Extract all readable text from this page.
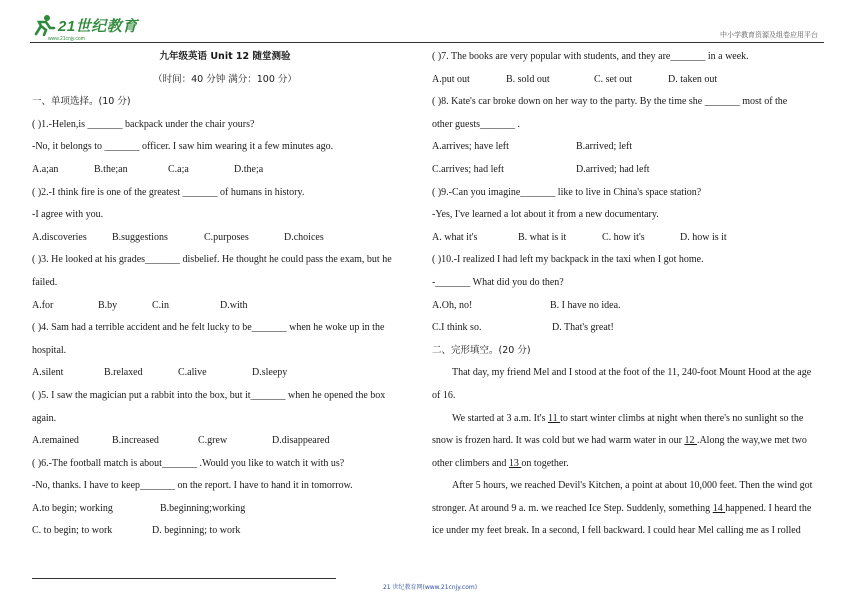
21世纪教育
www.21cnjy.com	中小学教育资源及组卷应用平台
九年级英语 Unit 12 随堂测验
（时间：40 分钟 满分：100 分）
一、单项选择。(10 分)
( )1.-Helen,is _______ backpack under the chair yours?
-No, it belongs to _______ officer. I saw him wearing it a few minutes ago.
A.a;an	B.the;an	C.a;a	D.the;a
( )2.-I think fire is one of the greatest _______ of humans in history.
-I agree with you.
A.discoveries	B.suggestions	C.purposes	D.choices
( )3. He looked at his grades_______ disbelief. He thought he could pass the exam, but he
failed.
A.for	B.by	C.in	D.with
( )4. Sam had a terrible accident and he felt lucky to be_______ when he woke up in the
hospital.
A.silent	B.relaxed	C.alive	D.sleepy
( )5. I saw the magician put a rabbit into the box, but it_______ when he opened the box
again.
A.remained	B.increased	C.grew	D.disappeared
( )6.-The football match is about_______ .Would you like to watch it with us?
-No, thanks. I have to keep_______ on the report. I have to hand it in tomorrow.
A.to begin; working	B.beginning;working
C. to begin; to work	D. beginning; to work
( )7. The books are very popular with students, and they are_______ in a week.
A.put out	B. sold out	C. set out	D. taken out
( )8. Kate's car broke down on her way to the party. By the time she _______ most of the
other guests_______ .
A.arrives; have left	B.arrived; left
C.arrives; had left	D.arrived; had left
( )9.-Can you imagine_______ like to live in China's space station?
-Yes, I've learned a lot about it from a new documentary.
A. what it's	B. what is it	C. how it's	D. how is it
( )10.-I realized I had left my backpack in the taxi when I got home.
-_______ What did you do then?
A.Oh, no!	B. I have no idea.
C.I think so.	D. That's great!
二、完形填空。(20 分)
That day, my friend Mel and I stood at the foot of the 11, 240-foot Mount Hood at the age
of 16.
We started at 3 a.m. It's 11 to start winter climbs at night when there's no sunlight so the
snow is frozen hard. It was cold but we had warm water in our 12 .Along the way,we met two
other climbers and 13 on together.
After 5 hours, we reached Devil's Kitchen, a point at about 10,000 feet. Then the wind got
stronger. At around 9 a. m. we reached Ice Step. Suddenly, something 14 happened. I heard the
ice under my feet break. In a second, I fell backward. I could hear Mel calling me as I rolled
21 世纪教育网(www.21cnjy.com)
